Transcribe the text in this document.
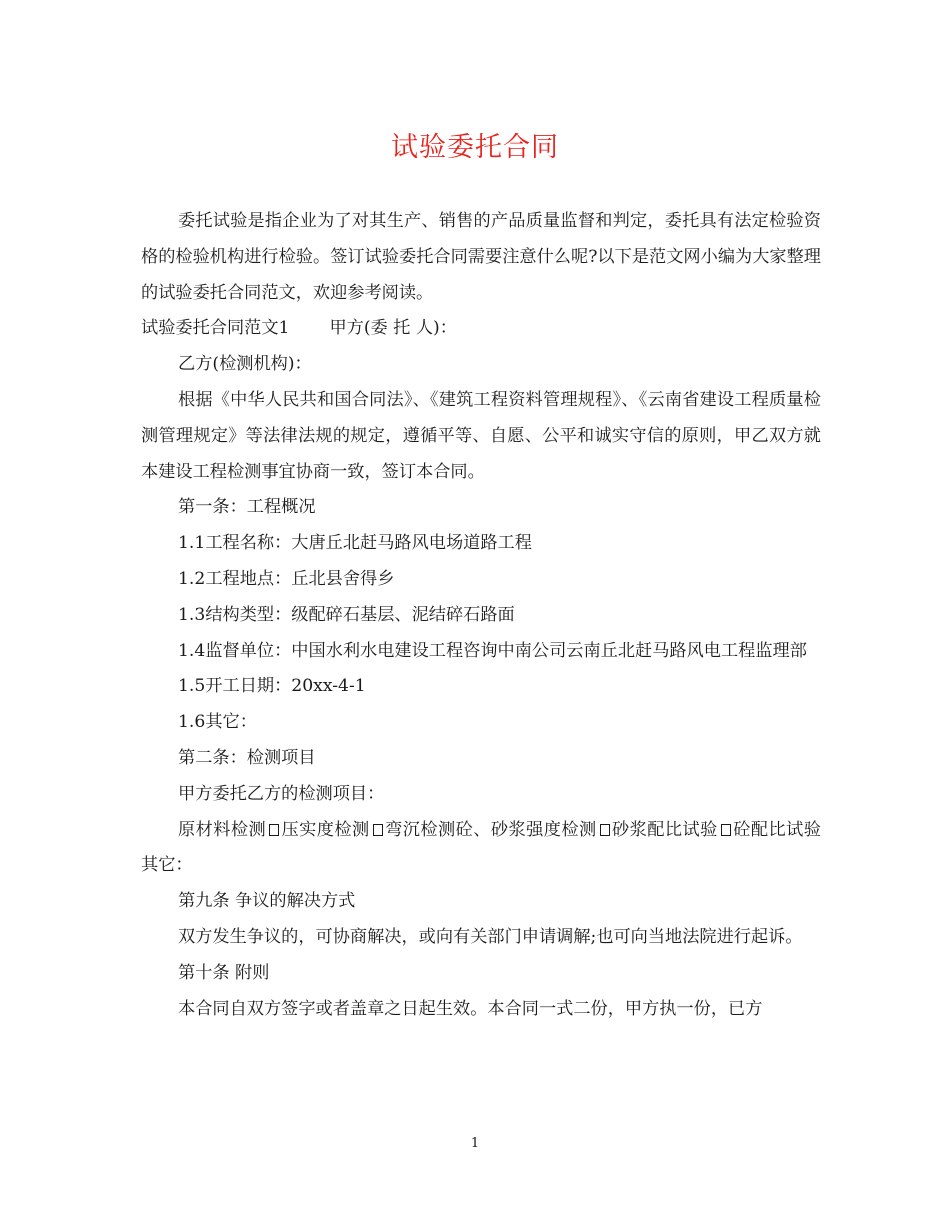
试验委托合同

委托试验是指企业为了对其生产、销售的产品质量监督和判定，委托具有法定检验资格的检验机构进行检验。签订试验委托合同需要注意什么呢?以下是范文网小编为大家整理的试验委托合同范文，欢迎参考阅读。

试验委托合同范文1 甲方(委 托 人)：

乙方(检测机构)：

根据《中华人民共和国合同法》、《建筑工程资料管理规程》、《云南省建设工程质量检测管理规定》等法律法规的规定，遵循平等、自愿、公平和诚实守信的原则，甲乙双方就本建设工程检测事宜协商一致，签订本合同。

第一条：工程概况

1.1工程名称：大唐丘北赶马路风电场道路工程

1.2工程地点：丘北县舍得乡

1.3结构类型：级配碎石基层、泥结碎石路面

1.4监督单位：中国水利水电建设工程咨询中南公司云南丘北赶马路风电工程监理部

1.5开工日期：20xx-4-1

1.6其它：

第二条：检测项目

甲方委托乙方的检测项目：

原材料检测 压实度检测 弯沉检测砼、砂浆强度检测 砂浆配比试验 砼配比试验其它：

第九条 争议的解决方式

双方发生争议的，可协商解决，或向有关部门申请调解;也可向当地法院进行起诉。

第十条 附则

本合同自双方签字或者盖章之日起生效。本合同一式二份，甲方执一份，已方

1
